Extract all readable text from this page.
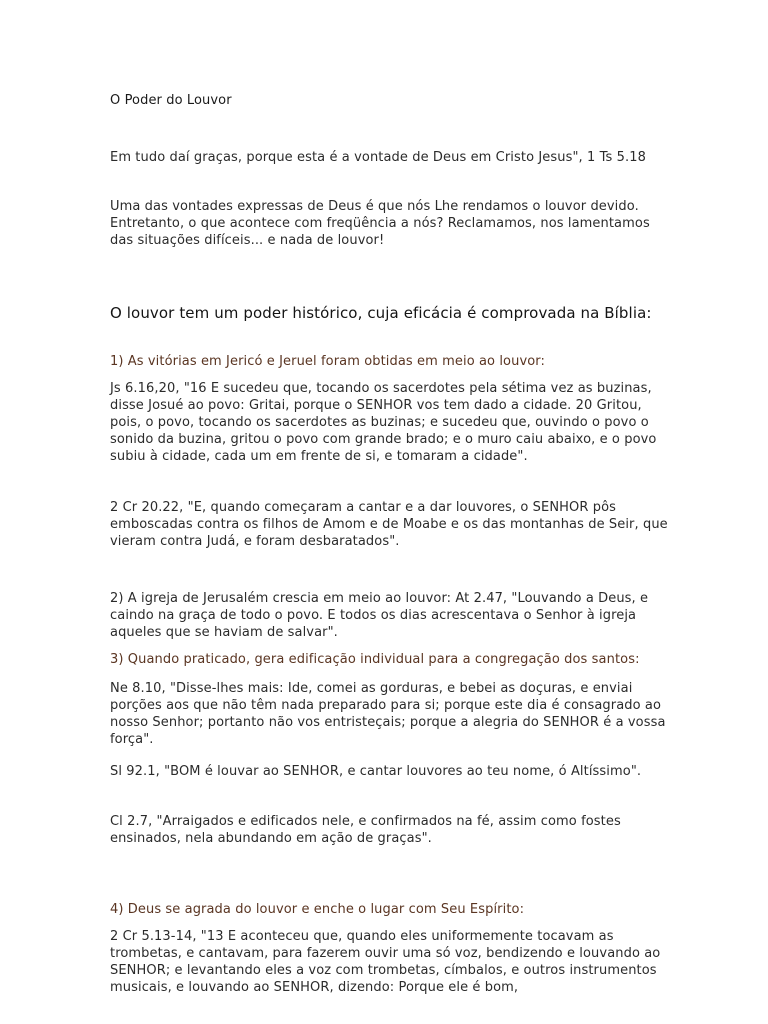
O Poder do Louvor

Em tudo daí graças, porque esta é a vontade de Deus em Cristo Jesus", 1 Ts 5.18

Uma das vontades expressas de Deus é que nós Lhe rendamos o louvor devido. Entretanto, o que acontece com freqüência a nós? Reclamamos, nos lamentamos das situações difíceis... e nada de louvor!

O louvor tem um poder histórico, cuja eficácia é comprovada na Bíblia:

1) As vitórias em Jericó e Jeruel foram obtidas em meio ao louvor:

Js 6.16,20, "16 E sucedeu que, tocando os sacerdotes pela sétima vez as buzinas, disse Josué ao povo: Gritai, porque o SENHOR vos tem dado a cidade. 20 Gritou, pois, o povo, tocando os sacerdotes as buzinas; e sucedeu que, ouvindo o povo o sonido da buzina, gritou o povo com grande brado; e o muro caiu abaixo, e o povo subiu à cidade, cada um em frente de si, e tomaram a cidade".

2 Cr 20.22, "E, quando começaram a cantar e a dar louvores, o SENHOR pôs emboscadas contra os filhos de Amom e de Moabe e os das montanhas de Seir, que vieram contra Judá, e foram desbaratados".

2) A igreja de Jerusalém crescia em meio ao louvor: At 2.47, "Louvando a Deus, e caindo na graça de todo o povo. E todos os dias acrescentava o Senhor à igreja aqueles que se haviam de salvar".

3) Quando praticado, gera edificação individual para a congregação dos santos:

Ne 8.10, "Disse-lhes mais: Ide, comei as gorduras, e bebei as doçuras, e enviai porções aos que não têm nada preparado para si; porque este dia é consagrado ao nosso Senhor; portanto não vos entristeçais; porque a alegria do SENHOR é a vossa força".

Sl 92.1, "BOM é louvar ao SENHOR, e cantar louvores ao teu nome, ó Altíssimo".

Cl 2.7, "Arraigados e edificados nele, e confirmados na fé, assim como fostes ensinados, nela abundando em ação de graças".

4) Deus se agrada do louvor e enche o lugar com Seu Espírito:

2 Cr 5.13-14, "13 E aconteceu que, quando eles uniformemente tocavam as trombetas, e cantavam, para fazerem ouvir uma só voz, bendizendo e louvando ao SENHOR; e levantando eles a voz com trombetas, címbalos, e outros instrumentos musicais, e louvando ao SENHOR, dizendo: Porque ele é bom,
